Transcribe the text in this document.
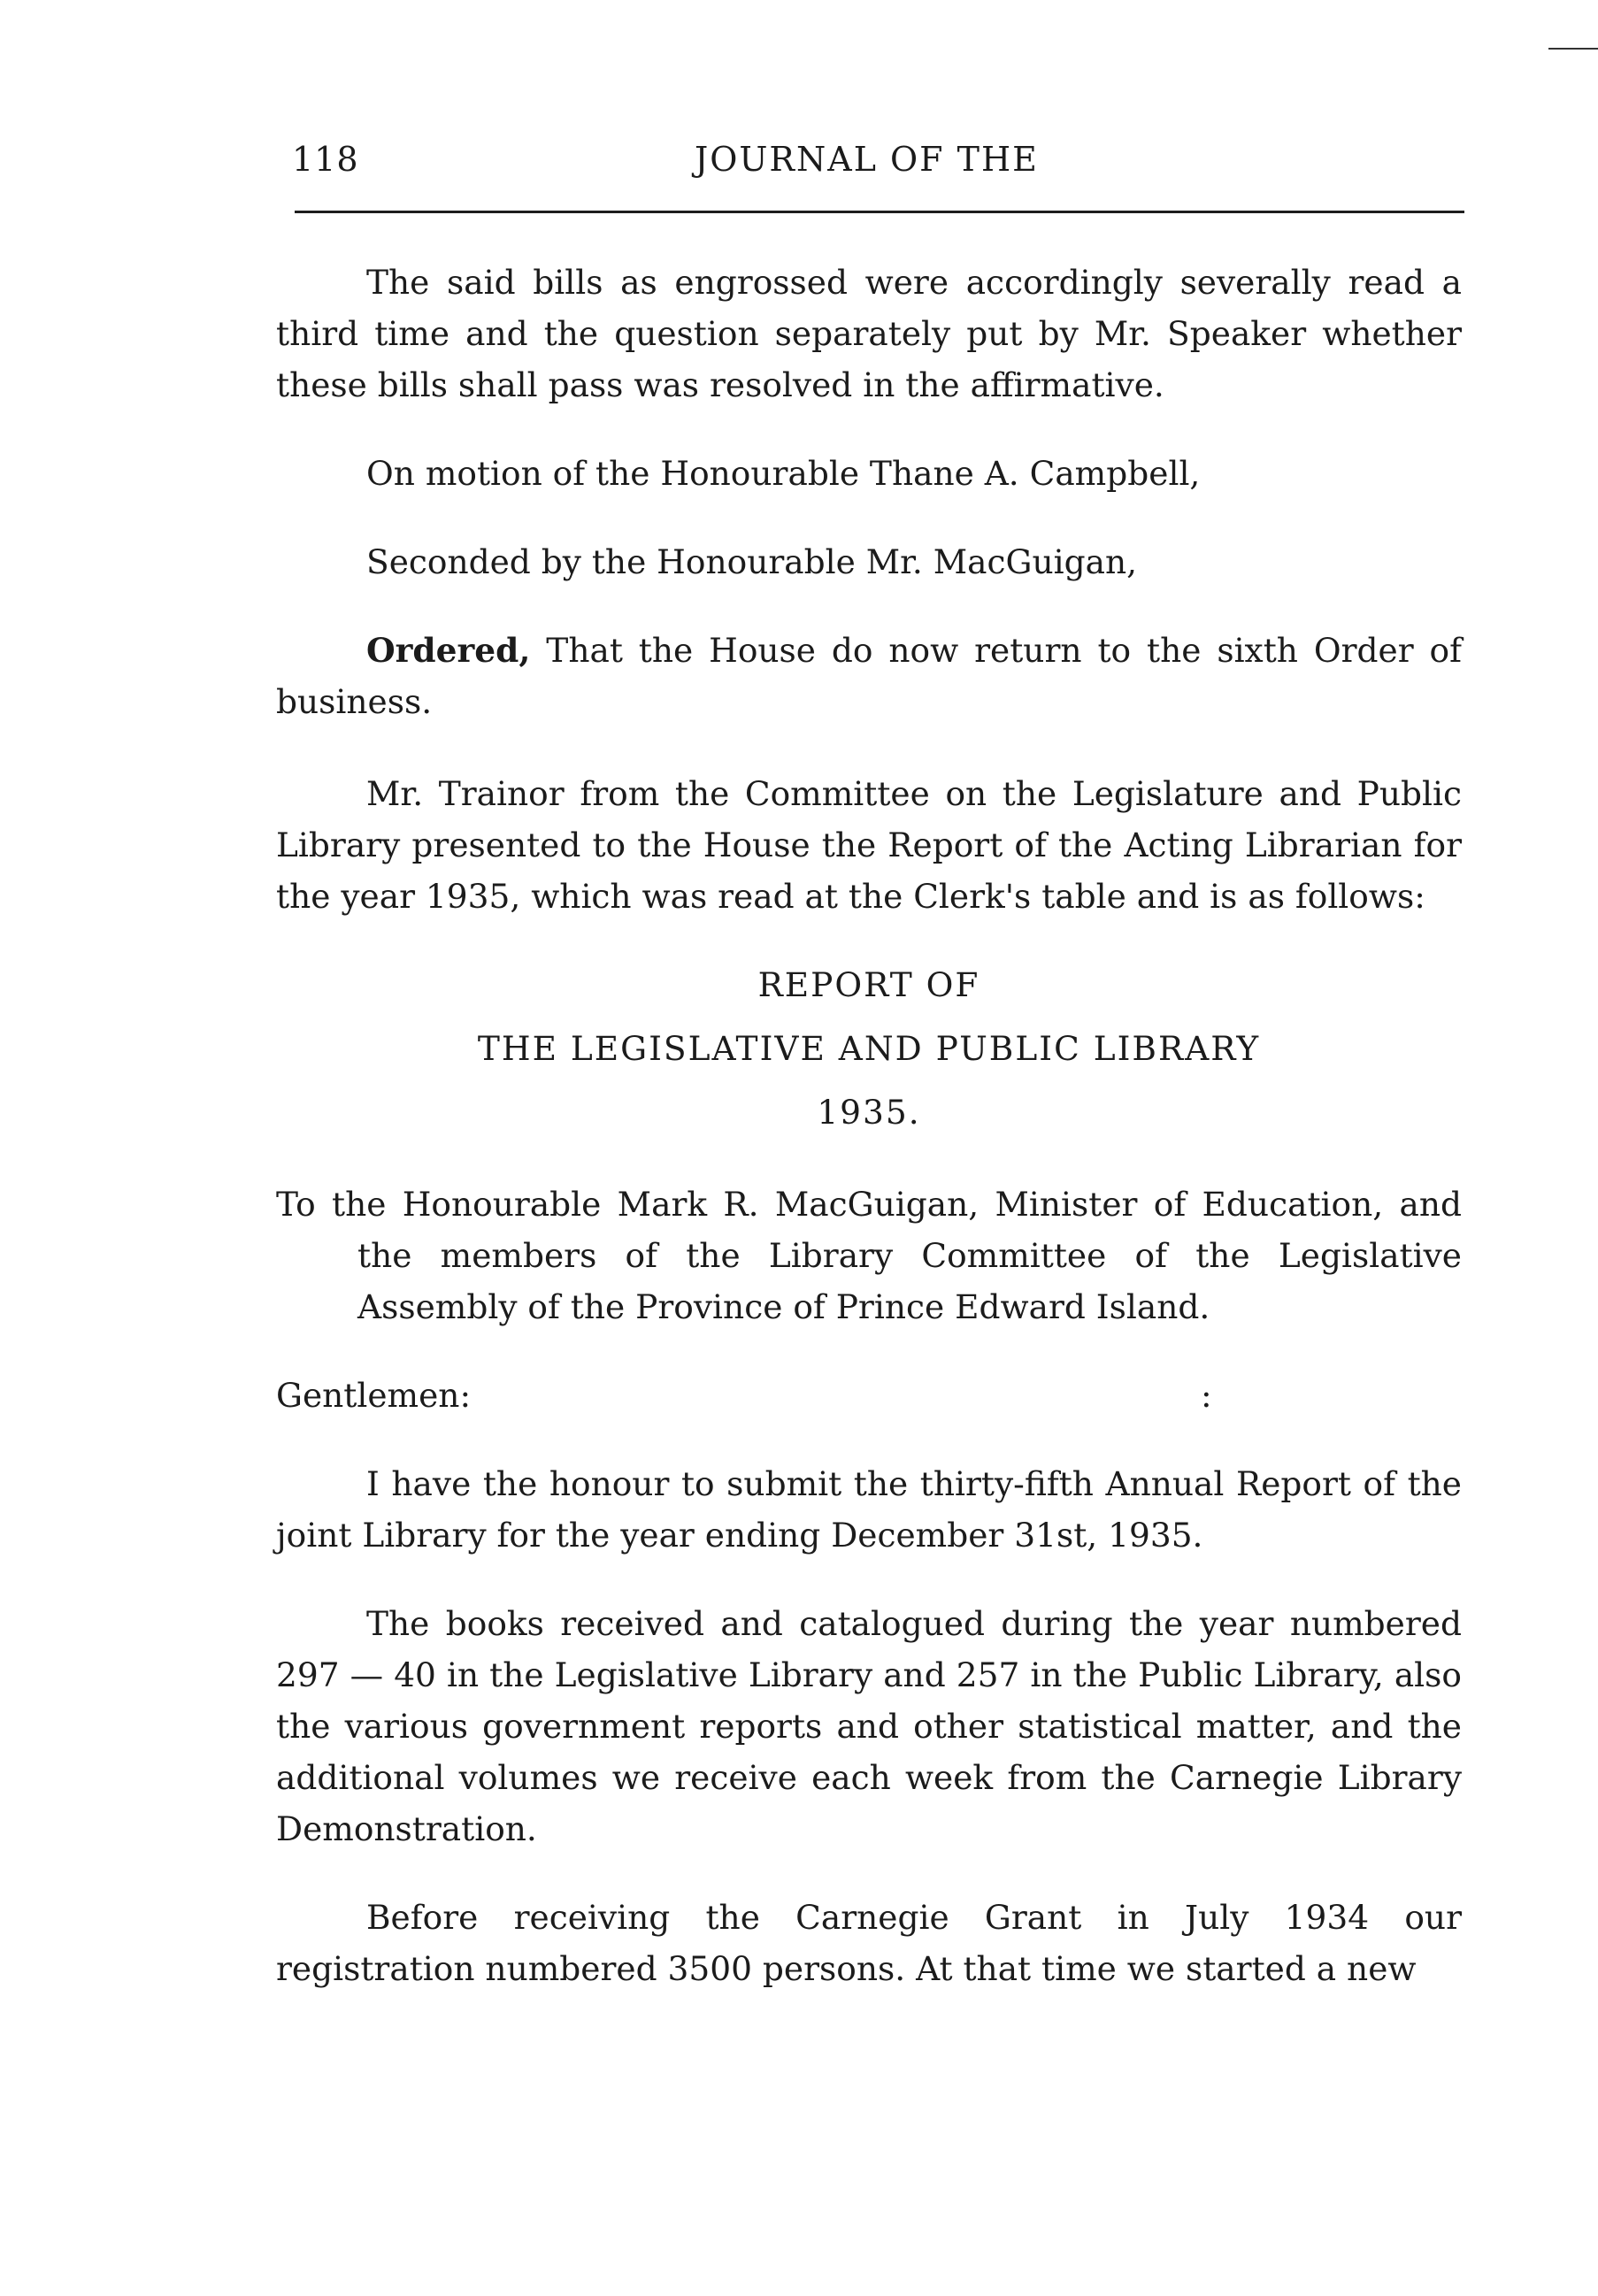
118	JOURNAL OF THE

The said bills as engrossed were accordingly severally read a third time and the question separately put by Mr. Speaker whether these bills shall pass was resolved in the affirmative.

On motion of the Honourable Thane A. Campbell,

Seconded by the Honourable Mr. MacGuigan,

Ordered, That the House do now return to the sixth Order of business.

Mr. Trainor from the Committee on the Legislature and Public Library presented to the House the Report of the Acting Librarian for the year 1935, which was read at the Clerk's table and is as follows:

REPORT OF

THE LEGISLATIVE AND PUBLIC LIBRARY

1935.

To the Honourable Mark R. MacGuigan, Minister of Education, and the members of the Library Committee of the Legislative Assembly of the Province of Prince Edward Island.

Gentlemen:	:

I have the honour to submit the thirty-fifth Annual Report of the joint Library for the year ending December 31st, 1935.

The books received and catalogued during the year numbered 297 — 40 in the Legislative Library and 257 in the Public Library, also the various government reports and other statistical matter, and the additional volumes we receive each week from the Carnegie Library Demonstration.

Before receiving the Carnegie Grant in July 1934 our registration numbered 3500 persons. At that time we started a new
